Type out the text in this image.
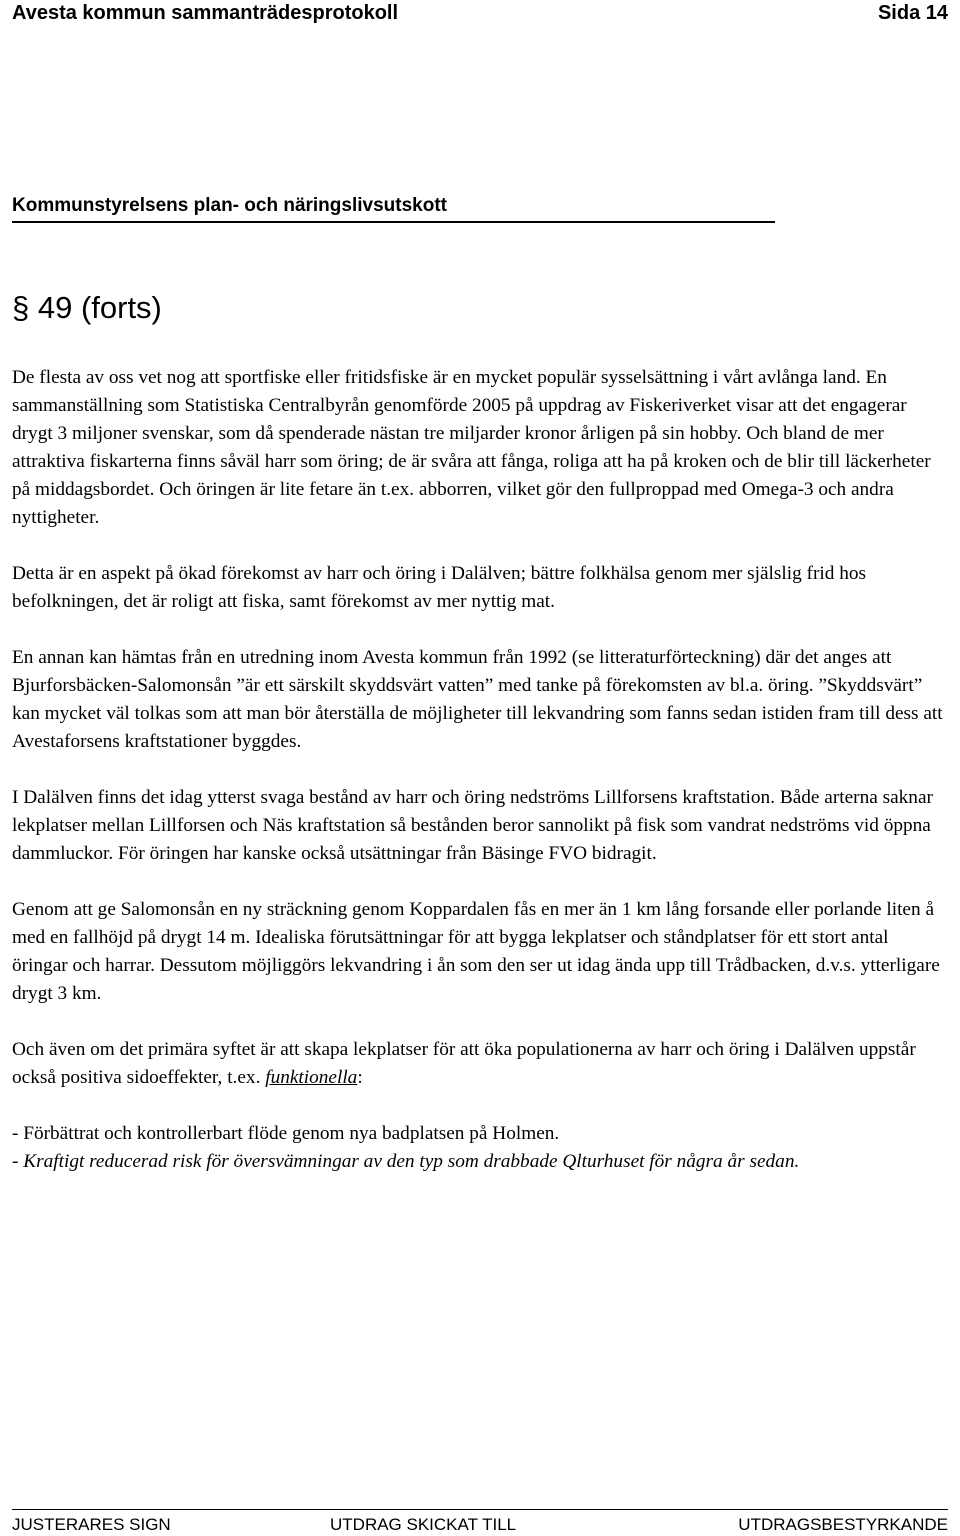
Avesta kommun sammanträdesprotokoll	Sida 14
Kommunstyrelsens plan- och näringslivsutskott
§ 49 (forts)

De flesta av oss vet nog att sportfiske eller fritidsfiske är en mycket populär sysselsättning i vårt avlånga land. En sammanställning som Statistiska Centralbyrån genomförde 2005 på uppdrag av Fiskeriverket visar att det engagerar drygt 3 miljoner svenskar, som då spenderade nästan tre miljarder kronor årligen på sin hobby. Och bland de mer attraktiva fiskarterna finns såväl harr som öring; de är svåra att fånga, roliga att ha på kroken och de blir till läckerheter på middagsbordet. Och öringen är lite fetare än t.ex. abborren, vilket gör den fullproppad med Omega-3 och andra nyttigheter.

Detta är en aspekt på ökad förekomst av harr och öring i Dalälven; bättre folkhälsa genom mer själslig frid hos befolkningen, det är roligt att fiska, samt förekomst av mer nyttig mat.

En annan kan hämtas från en utredning inom Avesta kommun från 1992 (se litteraturförteckning) där det anges att Bjurforsbäcken-Salomonsån ”är ett särskilt skyddsvärt vatten” med tanke på förekomsten av bl.a. öring. ”Skyddsvärt” kan mycket väl tolkas som att man bör återställa de möjligheter till lekvandring som fanns sedan istiden fram till dess att Avestaforsens kraftstationer byggdes.

I Dalälven finns det idag ytterst svaga bestånd av harr och öring nedströms Lillforsens kraftstation. Både arterna saknar lekplatser mellan Lillforsen och Näs kraftstation så bestånden beror sannolikt på fisk som vandrat nedströms vid öppna dammluckor. För öringen har kanske också utsättningar från Bäsinge FVO bidragit.

Genom att ge Salomonsån en ny sträckning genom Koppardalen fås en mer än 1 km lång forsande eller porlande liten å med en fallhöjd på drygt 14 m. Idealiska förutsättningar för att bygga lekplatser och ståndplatser för ett stort antal öringar och harrar. Dessutom möjliggörs lekvandring i ån som den ser ut idag ända upp till Trådbacken, d.v.s. ytterligare drygt 3 km.

Och även om det primära syftet är att skapa lekplatser för att öka populationerna av harr och öring i Dalälven uppstår också positiva sidoeffekter, t.ex. funktionella:

- Förbättrat och kontrollerbart flöde genom nya badplatsen på Holmen.

- Kraftigt reducerad risk för översvämningar av den typ som drabbade Qlturhuset för några år sedan.

JUSTERARES SIGN	UTDRAG SKICKAT TILL	UTDRAGSBESTYRKANDE
